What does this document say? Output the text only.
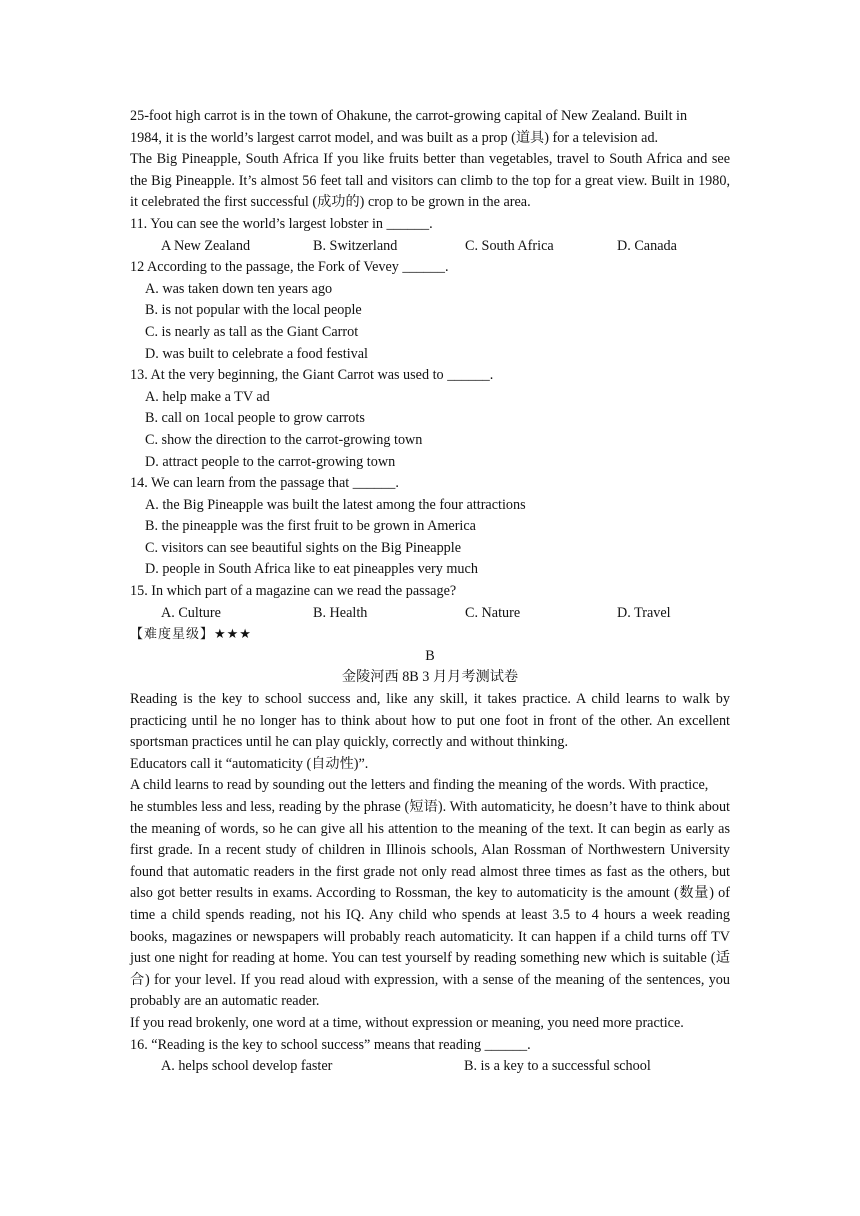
25-foot high carrot is in the town of Ohakune, the carrot-growing capital of New Zealand. Built in
1984, it is the world’s largest carrot model, and was built as a prop (道具) for a television ad.

The Big Pineapple, South Africa If you like fruits better than vegetables, travel to South Africa and see the Big Pineapple. It’s almost 56 feet tall and visitors can climb to the top for a great view. Built in 1980, it celebrated the first successful (成功的) crop to be grown in the area.

11. You can see the world’s largest lobster in ______.
A New Zealand	B. Switzerland	C. South Africa	D. Canada
12 According to the passage, the Fork of Vevey ______.
A. was taken down ten years ago
B. is not popular with the local people
C. is nearly as tall as the Giant Carrot
D. was built to celebrate a food festival
13. At the very beginning, the Giant Carrot was used to ______.
A. help make a TV ad
B. call on 1ocal people to grow carrots
C. show the direction to the carrot-growing town
D. attract people to the carrot-growing town
14. We can learn from the passage that ______.
A. the Big Pineapple was built the latest among the four attractions
B. the pineapple was the first fruit to be grown in America
C. visitors can see beautiful sights on the Big Pineapple
D. people in South Africa like to eat pineapples very much
15. In which part of a magazine can we read the passage?
A. Culture	B. Health	C. Nature	D. Travel
【难度星级】★★★
B
金陵河西 8B 3 月月考测试卷

Reading is the key to school success and, like any skill, it takes practice. A child learns to walk by practicing until he no longer has to think about how to put one foot in front of the other. An excellent sportsman practices until he can play quickly, correctly and without thinking.

Educators call it “automaticity (自动性)”.

A child learns to read by sounding out the letters and finding the meaning of the words. With practice,

he stumbles less and less, reading by the phrase (短语). With automaticity, he doesn’t have to think about the meaning of words, so he can give all his attention to the meaning of the text. It can begin as early as first grade. In a recent study of children in Illinois schools, Alan Rossman of Northwestern University found that automatic readers in the first grade not only read almost three times as fast as the others, but also got better results in exams. According to Rossman, the key to automaticity is the amount (数量) of time a child spends reading, not his IQ. Any child who spends at least 3.5 to 4 hours a week reading books, magazines or newspapers will probably reach automaticity. It can happen if a child turns off TV just one night for reading at home. You can test yourself by reading something new which is suitable (适合) for your level. If you read aloud with expression, with a sense of the meaning of the sentences, you probably are an automatic reader.

If you read brokenly, one word at a time, without expression or meaning, you need more practice.

16. “Reading is the key to school success” means that reading ______.
A. helps school develop faster	B. is a key to a successful school
